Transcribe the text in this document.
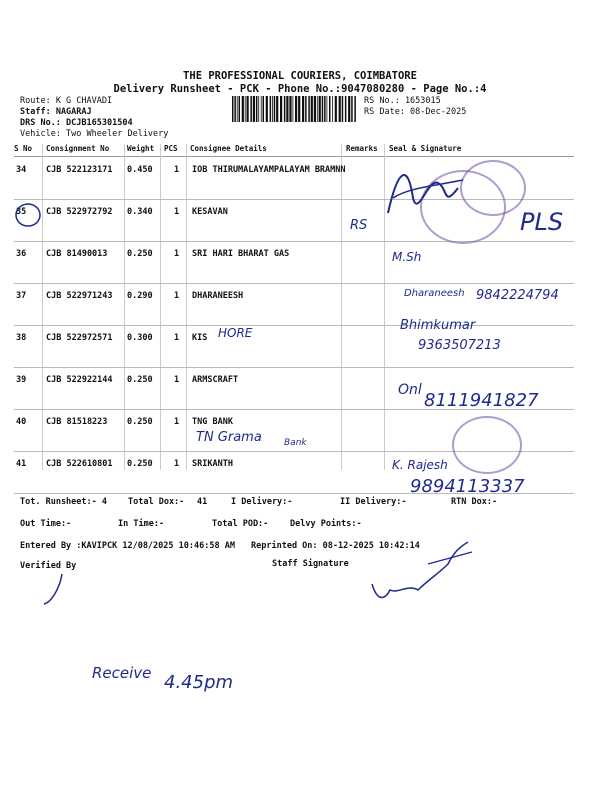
THE PROFESSIONAL COURIERS, COIMBATORE
Delivery Runsheet - PCK - Phone No.:9047080280 - Page No.:4
Route: K G CHAVADI
Staff: NAGARAJ
DRS No.: DCJB165301504
Vehicle: Two Wheeler Delivery
RS No.: 1653015
RS Date: 08-Dec-2025
S No Consignment No Weight PCS Consignee Details	Remarks Seal & Signature
34 CJB 522123171 0.450	1 IOB THIRUMALAYAMPALAYAM BRAMNN
35 CJB 522972792 0.340	1 KESAVAN
36 CJB 81490013 0.250	1 SRI HARI BHARAT GAS
37 CJB 522971243 0.290	1 DHARANEESH
38 CJB 522972571 0.300	1 KIS
39 CJB 522922144 0.250	1 ARMSCRAFT
40 CJB 81518223 0.250	1 TNG BANK
41 CJB 522610801 0.250	1 SRIKANTH
Tot. Runsheet:- 4 Total Dox:- 41	I Delivery:-	II Delivery:-	RTN Dox:-
Out Time:-	In Time:-	Total POD:-	Delvy Points:-
Entered By :KAVIPCK 12/08/2025 10:46:58 AM Reprinted On: 08-12-2025 10:42:14
Verified By	Staff Signature
RS	PLS
M.Sh
Dharaneesh 9842224794
HORE	Bhimkumar
9363507213
Onl 8111941827
TN Grama Bank
K. Rajesh
9894113337
Receive 4.45pm
